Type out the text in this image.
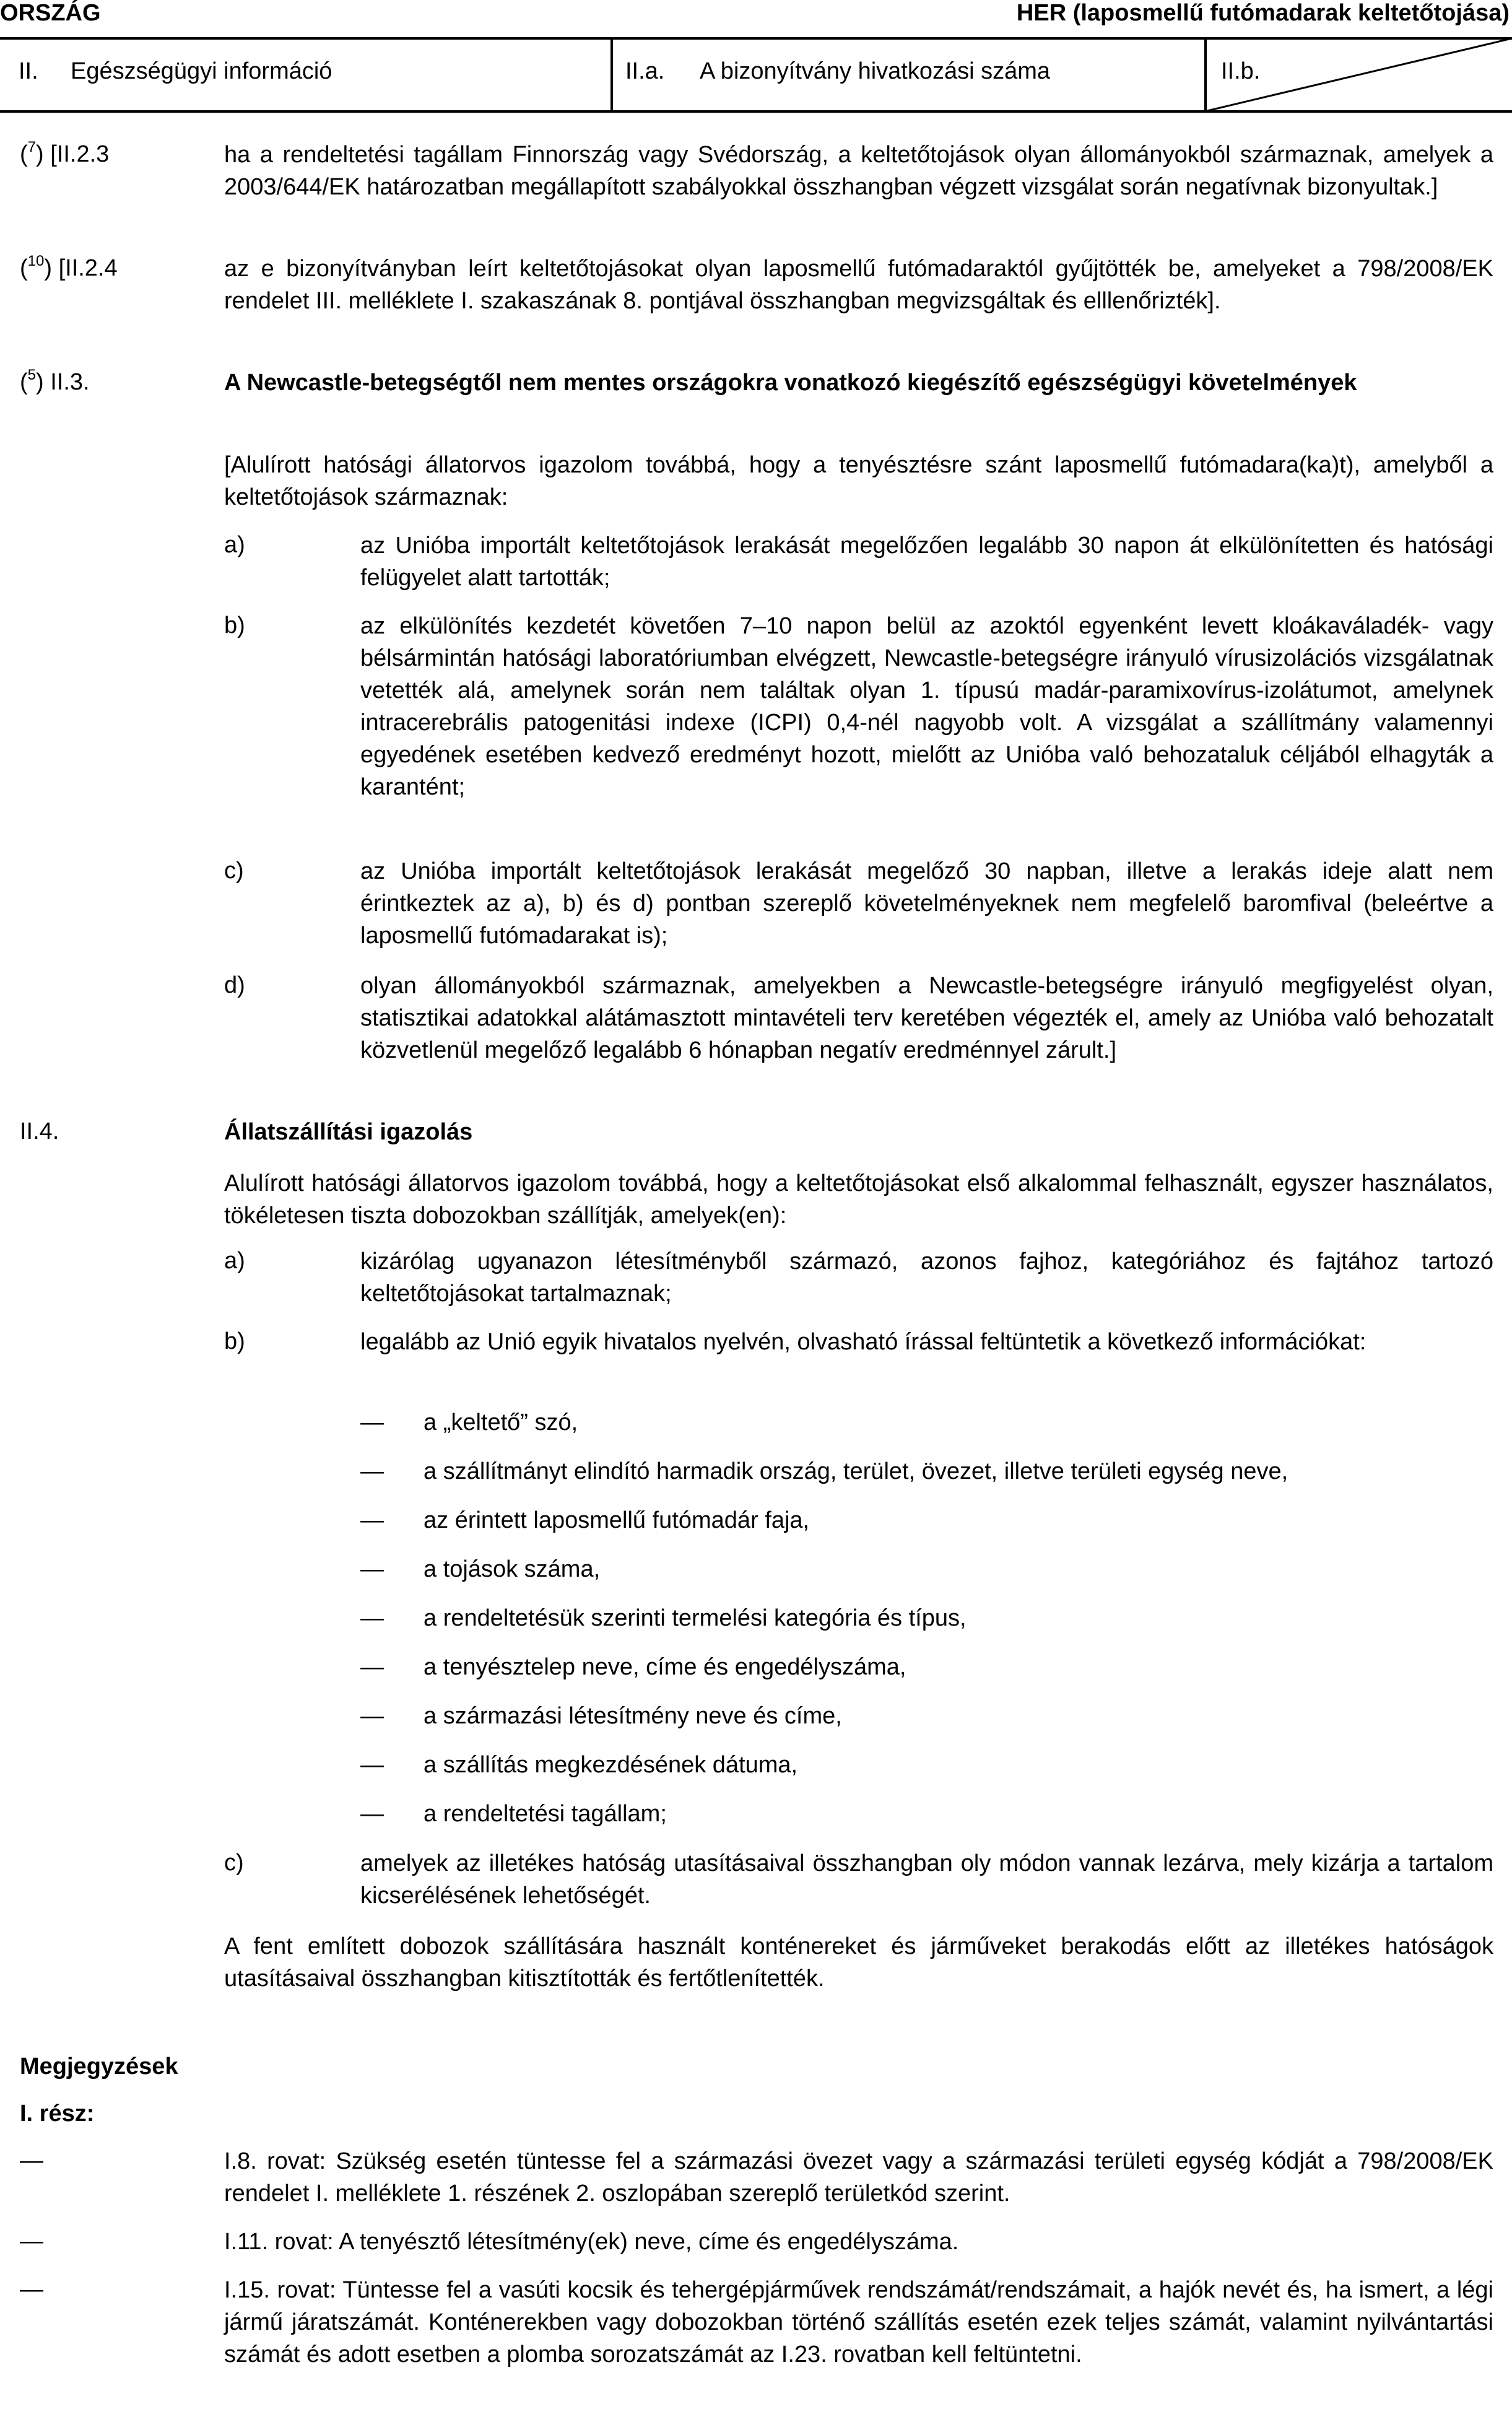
ORSZÁG	HER (laposmellű futómadarak keltetőtojása)
II. Egészségügyi információ	II.a. A bizonyítvány hivatkozási száma	II.b.
($^7$) [II.2.3	ha a rendeltetési tagállam Finnország vagy Svédország, a keltetőtojások olyan állományokból származnak, amelyek a 2003/644/EK határozatban megállapított szabályokkal összhangban végzett vizsgálat során negatívnak bizonyultak.]
($^{10}$) [II.2.4	az e bizonyítványban leírt keltetőtojásokat olyan laposmellű futómadaraktól gyűjtötték be, amelyeket a 798/2008/EK rendelet III. melléklete I. szakaszának 8. pontjával összhangban megvizsgáltak és elllenőrizték].
($^5$) II.3.	A Newcastle-betegségtől nem mentes országokra vonatkozó kiegészítő egészségügyi követelmények
[Alulírott hatósági állatorvos igazolom továbbá, hogy a tenyésztésre szánt laposmellű futómadara(ka)t), amelyből a keltetőtojások származnak:
a)	az Unióba importált keltetőtojások lerakását megelőzően legalább 30 napon át elkülönítetten és hatósági felügyelet alatt tartották;
b)	az elkülönítés kezdetét követően 7–10 napon belül az azoktól egyenként levett kloákaváladék- vagy bélsármintán hatósági laboratóriumban elvégzett, Newcastle-betegségre irányuló vírusizolációs vizsgálatnak vetették alá, amelynek során nem találtak olyan 1. típusú madár-paramixovírus-izolátumot, amelynek intracerebrális patogenitási indexe (ICPI) 0,4-nél nagyobb volt. A vizsgálat a szállítmány valamennyi egyedének esetében kedvező eredményt hozott, mielőtt az Unióba való behozataluk céljából elhagyták a karantént;
c)	az Unióba importált keltetőtojások lerakását megelőző 30 napban, illetve a lerakás ideje alatt nem érintkeztek az a), b) és d) pontban szereplő követelményeknek nem megfelelő baromfival (beleértve a laposmellű futómadarakat is);
d)	olyan állományokból származnak, amelyekben a Newcastle-betegségre irányuló megfigyelést olyan, statisztikai adatokkal alátámasztott mintavételi terv keretében végezték el, amely az Unióba való behozatalt közvetlenül megelőző legalább 6 hónapban negatív eredménnyel zárult.]
II.4.	Állatszállítási igazolás
Alulírott hatósági állatorvos igazolom továbbá, hogy a keltetőtojásokat első alkalommal felhasznált, egyszer használatos, tökéletesen tiszta dobozokban szállítják, amelyek(en):
a)	kizárólag ugyanazon létesítményből származó, azonos fajhoz, kategóriához és fajtához tartozó keltetőtojásokat tartalmaznak;
b)	legalább az Unió egyik hivatalos nyelvén, olvasható írással feltüntetik a következő információkat:
— a „keltető” szó,
— a szállítmányt elindító harmadik ország, terület, övezet, illetve területi egység neve,
— az érintett laposmellű futómadár faja,
— a tojások száma,
— a rendeltetésük szerinti termelési kategória és típus,
— a tenyésztelep neve, címe és engedélyszáma,
— a származási létesítmény neve és címe,
— a szállítás megkezdésének dátuma,
— a rendeltetési tagállam;
c)	amelyek az illetékes hatóság utasításaival összhangban oly módon vannak lezárva, mely kizárja a tartalom kicserélésének lehetőségét.
A fent említett dobozok szállítására használt konténereket és járműveket berakodás előtt az illetékes hatóságok utasításaival összhangban kitisztították és fertőtlenítették.
Megjegyzések
I. rész:
—	I.8. rovat: Szükség esetén tüntesse fel a származási övezet vagy a származási területi egység kódját a 798/2008/EK rendelet I. melléklete 1. részének 2. oszlopában szereplő területkód szerint.
—	I.11. rovat: A tenyésztő létesítmény(ek) neve, címe és engedélyszáma.
—	I.15. rovat: Tüntesse fel a vasúti kocsik és tehergépjárművek rendszámát/rendszámait, a hajók nevét és, ha ismert, a légi jármű járatszámát. Konténerekben vagy dobozokban történő szállítás esetén ezek teljes számát, valamint nyilvántartási számát és adott esetben a plomba sorozatszámát az I.23. rovatban kell feltüntetni.
